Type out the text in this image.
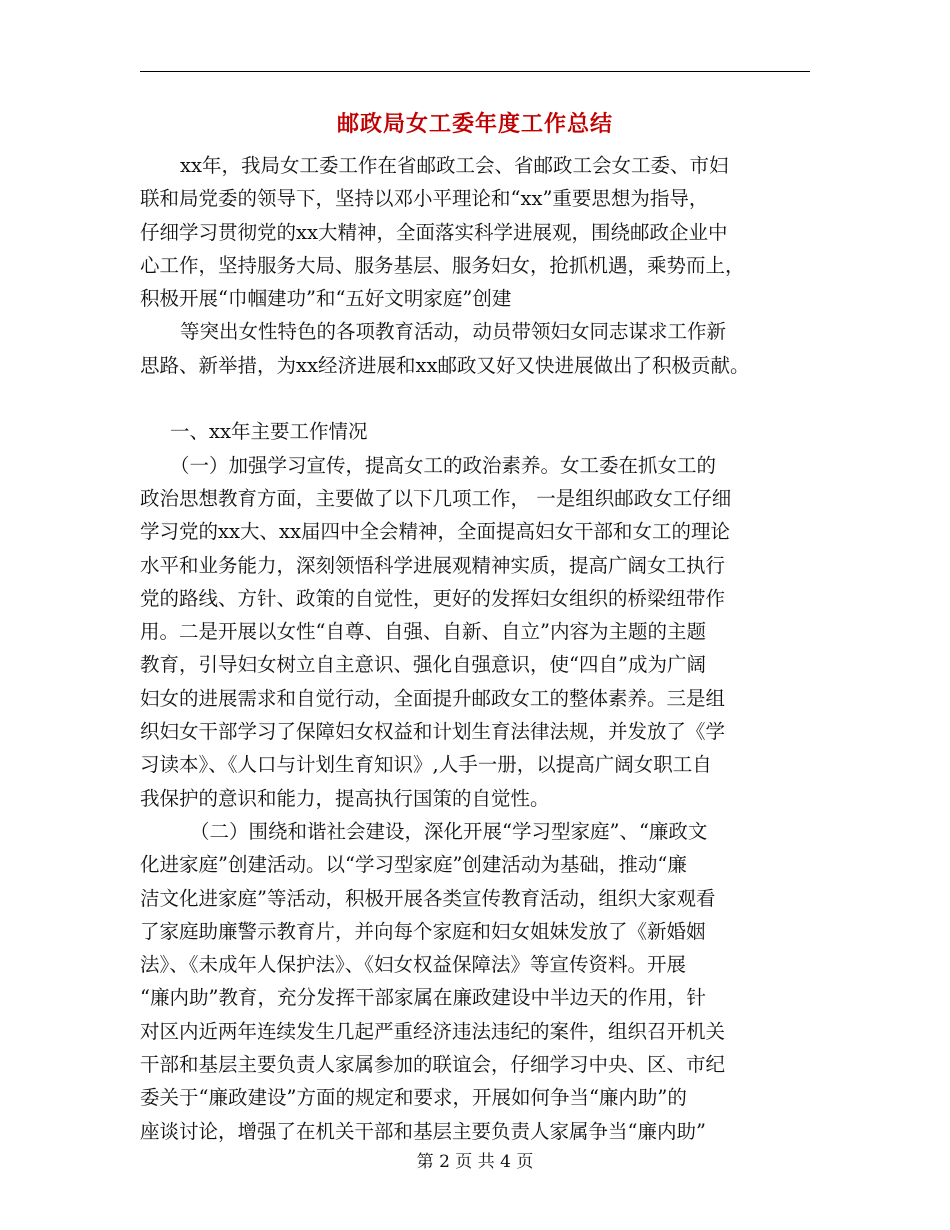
邮政局女工委年度工作总结
xx年，我局女工委工作在省邮政工会、省邮政工会女工委、市妇
联和局党委的领导下，坚持以邓小平理论和“xx”重要思想为指导，
仔细学习贯彻党的xx大精神，全面落实科学进展观，围绕邮政企业中
心工作，坚持服务大局、服务基层、服务妇女，抢抓机遇，乘势而上，
积极开展“巾帼建功”和“五好文明家庭”创建
等突出女性特色的各项教育活动，动员带领妇女同志谋求工作新
思路、新举措，为xx经济进展和xx邮政又好又快进展做出了积极贡献。
一、xx年主要工作情况
（一）加强学习宣传，提高女工的政治素养。女工委在抓女工的
政治思想教育方面，主要做了以下几项工作， 一是组织邮政女工仔细
学习党的xx大、xx届四中全会精神，全面提高妇女干部和女工的理论
水平和业务能力，深刻领悟科学进展观精神实质，提高广阔女工执行
党的路线、方针、政策的自觉性，更好的发挥妇女组织的桥梁纽带作
用。二是开展以女性“自尊、自强、自新、自立”内容为主题的主题
教育，引导妇女树立自主意识、强化自强意识，使“四自”成为广阔
妇女的进展需求和自觉行动，全面提升邮政女工的整体素养。三是组
织妇女干部学习了保障妇女权益和计划生育法律法规，并发放了《学
习读本》、《人口与计划生育知识》,人手一册，以提高广阔女职工自
我保护的意识和能力，提高执行国策的自觉性。
（二）围绕和谐社会建设，深化开展“学习型家庭”、“廉政文
化进家庭”创建活动。以“学习型家庭”创建活动为基础，推动“廉
洁文化进家庭”等活动，积极开展各类宣传教育活动，组织大家观看
了家庭助廉警示教育片，并向每个家庭和妇女姐妹发放了《新婚姻
法》、《未成年人保护法》、《妇女权益保障法》等宣传资料。开展
“廉内助”教育，充分发挥干部家属在廉政建设中半边天的作用，针
对区内近两年连续发生几起严重经济违法违纪的案件，组织召开机关
干部和基层主要负责人家属参加的联谊会，仔细学习中央、区、市纪
委关于“廉政建设”方面的规定和要求，开展如何争当“廉内助”的
座谈讨论，增强了在机关干部和基层主要负责人家属争当“廉内助”
第 2 页 共 4 页
